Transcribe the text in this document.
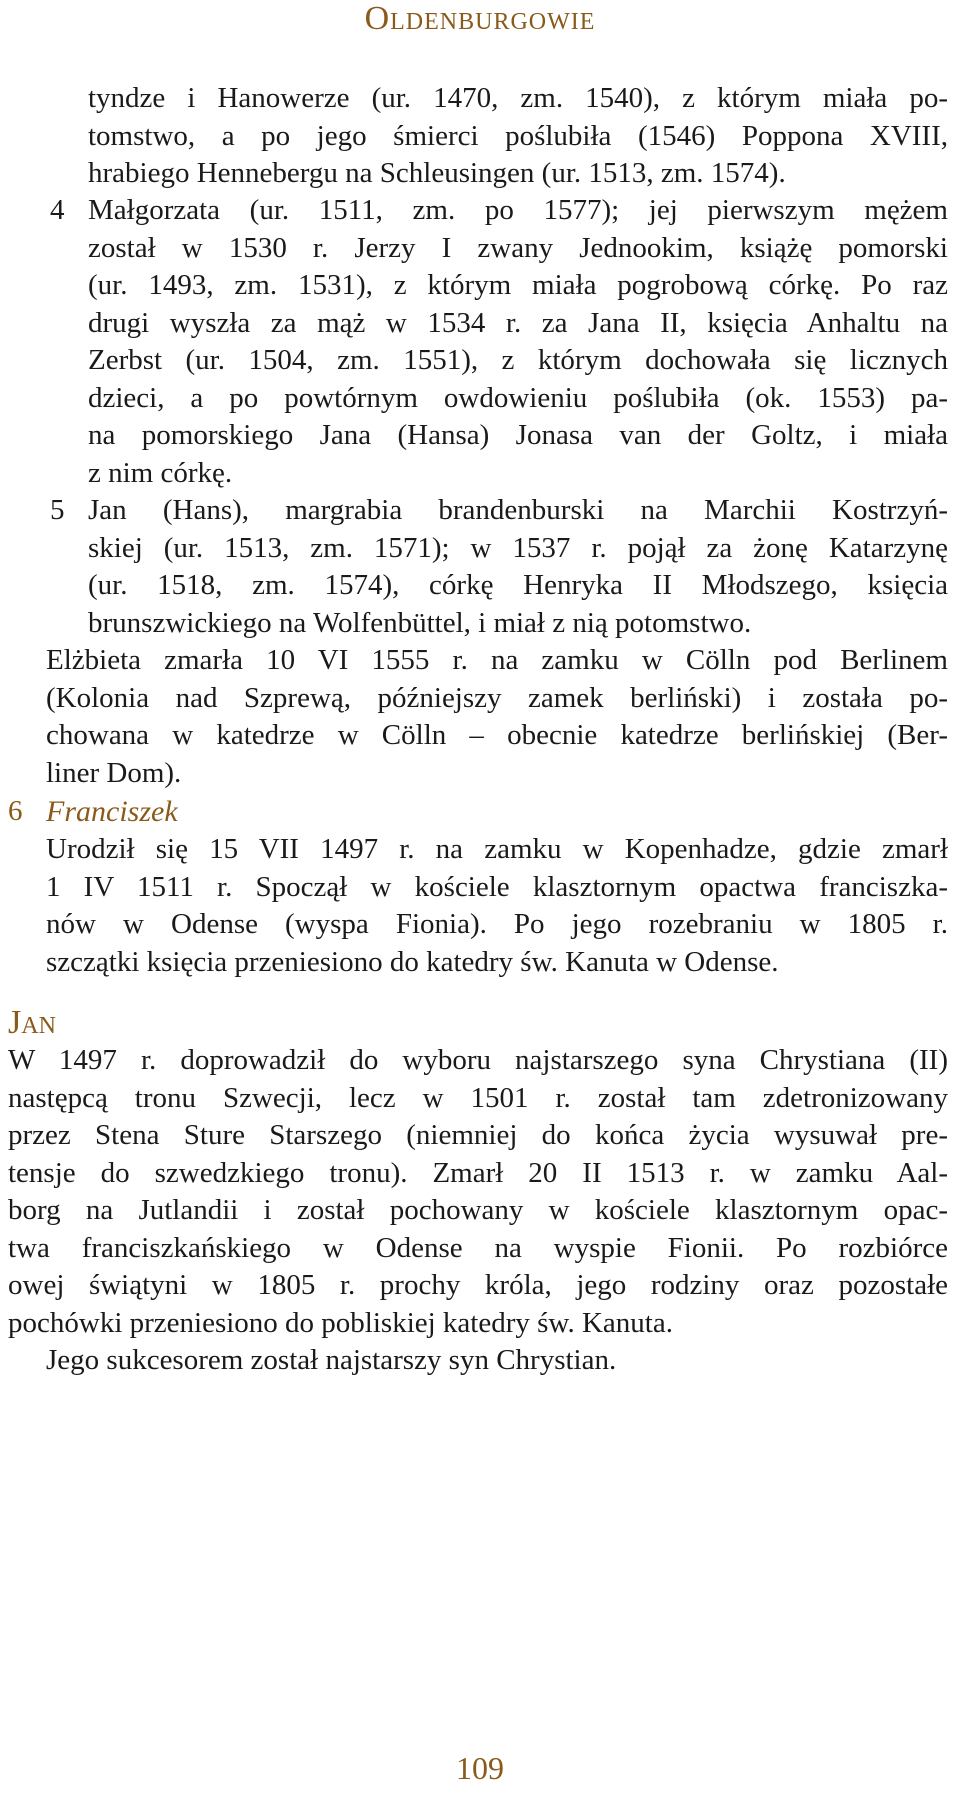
Oldenburgowie
tyndze i Hanowerze (ur. 1470, zm. 1540), z którym miała po-
tomstwo, a po jego śmierci poślubiła (1546) Poppona XVIII,
hrabiego Hennebergu na Schleusingen (ur. 1513, zm. 1574).
4 Małgorzata (ur. 1511, zm. po 1577); jej pierwszym mężem
został w 1530 r. Jerzy I zwany Jednookim, książę pomorski
(ur. 1493, zm. 1531), z którym miała pogrobową córkę. Po raz
drugi wyszła za mąż w 1534 r. za Jana II, księcia Anhaltu na
Zerbst (ur. 1504, zm. 1551), z którym dochowała się licznych
dzieci, a po powtórnym owdowieniu poślubiła (ok. 1553) pa-
na pomorskiego Jana (Hansa) Jonasa van der Goltz, i miała
z nim córkę.
5 Jan (Hans), margrabia brandenburski na Marchii Kostrzyń-
skiej (ur. 1513, zm. 1571); w 1537 r. pojął za żonę Katarzynę
(ur. 1518, zm. 1574), córkę Henryka II Młodszego, księcia
brunszwickiego na Wolfenbüttel, i miał z nią potomstwo.
Elżbieta zmarła 10 VI 1555 r. na zamku w Cölln pod Berlinem
(Kolonia nad Szprewą, późniejszy zamek berliński) i została po-
chowana w katedrze w Cölln – obecnie katedrze berlińskiej (Ber-
liner Dom).
6 Franciszek
Urodził się 15 VII 1497 r. na zamku w Kopenhadze, gdzie zmarł
1 IV 1511 r. Spoczął w kościele klasztornym opactwa franciszka-
nów w Odense (wyspa Fionia). Po jego rozebraniu w 1805 r.
szczątki księcia przeniesiono do katedry św. Kanuta w Odense.
Jan
W 1497 r. doprowadził do wyboru najstarszego syna Chrystiana (II)
następcą tronu Szwecji, lecz w 1501 r. został tam zdetronizowany
przez Stena Sture Starszego (niemniej do końca życia wysuwał pre-
tensje do szwedzkiego tronu). Zmarł 20 II 1513 r. w zamku Aal-
borg na Jutlandii i został pochowany w kościele klasztornym opac-
twa franciszkańskiego w Odense na wyspie Fionii. Po rozbiórce
owej świątyni w 1805 r. prochy króla, jego rodziny oraz pozostałe
pochówki przeniesiono do pobliskiej katedry św. Kanuta.
Jego sukcesorem został najstarszy syn Chrystian.
109
